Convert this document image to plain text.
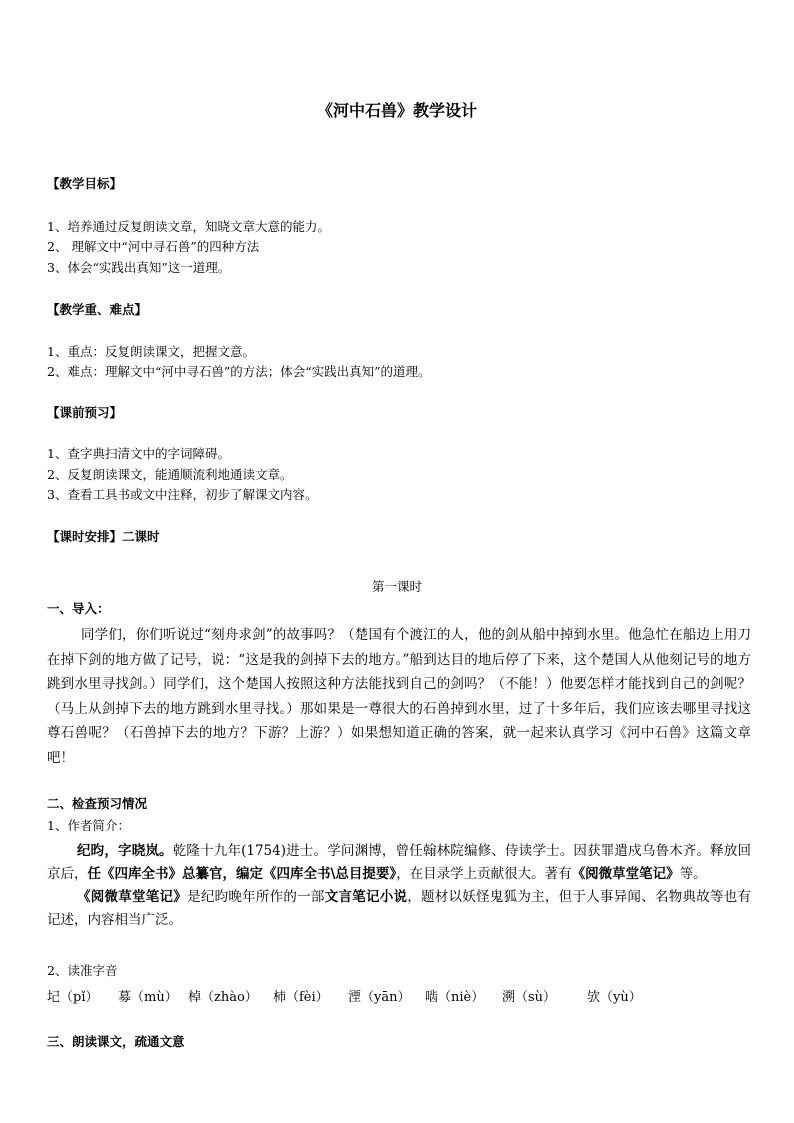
《河中石兽》教学设计
【教学目标】
1、培养通过反复朗读文章，知晓文章大意的能力。
2、 理解文中“河中寻石兽”的四种方法
3、体会“实践出真知”这一道理。
【教学重、难点】
1、重点：反复朗读课文，把握文意。
2、难点：理解文中“河中寻石兽”的方法；体会“实践出真知”的道理。
【课前预习】
1、查字典扫清文中的字词障碍。
2、反复朗读课文，能通顺流利地通读文章。
3、查看工具书或文中注释，初步了解课文内容。
【课时安排】二课时
第一课时
一、导入：
同学们，你们听说过“刻舟求剑”的故事吗？（楚国有个渡江的人，他的剑从船中掉到水里。他急忙在船边上用刀在掉下剑的地方做了记号，说：“这是我的剑掉下去的地方。”船到达目的地后停了下来，这个楚国人从他刻记号的地方跳到水里寻找剑。）同学们，这个楚国人按照这种方法能找到自己的剑吗？（不能！）他要怎样才能找到自己的剑呢？（马上从剑掉下去的地方跳到水里寻找。）那如果是一尊很大的石兽掉到水里，过了十多年后，我们应该去哪里寻找这尊石兽呢？（石兽掉下去的地方？下游？上游？）如果想知道正确的答案，就一起来认真学习《河中石兽》这篇文章吧！
二、检查预习情况
1、作者简介：
纪昀，字晓岚。乾隆十九年(1754)进士。学问渊博，曾任翰林院编修、侍读学士。因获罪遣戍乌鲁木齐。释放回京后，任《四库全书》总纂官，编定《四库全书\总目提要》，在目录学上贡献很大。著有《阅微草堂笔记》等。
《阅微草堂笔记》是纪昀晚年所作的一部文言笔记小说，题材以妖怪鬼狐为主，但于人事异闻、名物典故等也有记述，内容相当广泛。
2、读准字音
圮（pǐ） 募（mù） 棹（zhào） 柿（fèi） 湮（yān） 啮（niè） 溯（sù） 欤（yù）
三、朗读课文，疏通文意
